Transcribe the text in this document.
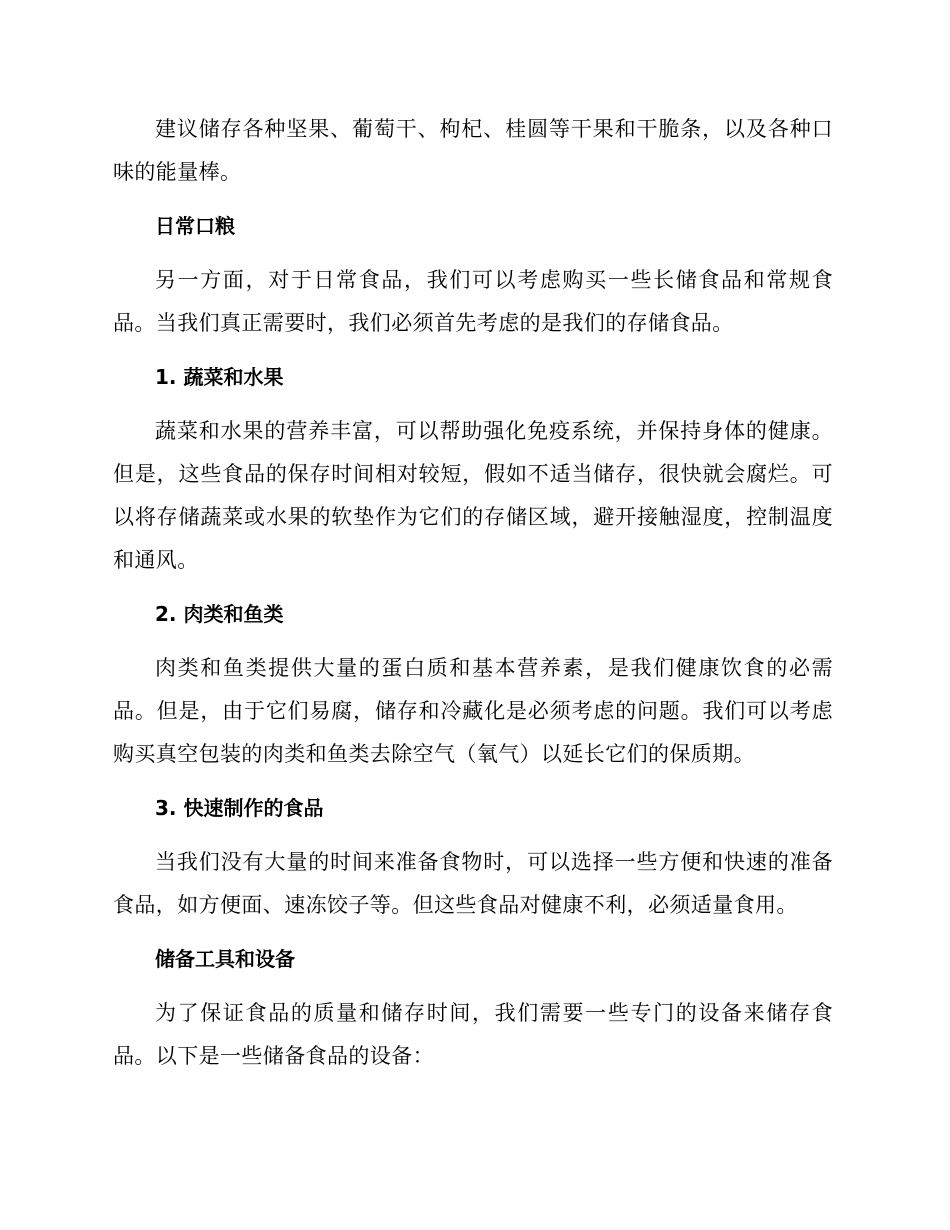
建议储存各种坚果、葡萄干、枸杞、桂圆等干果和干脆条，以及各种口味的能量棒。

日常口粮

另一方面，对于日常食品，我们可以考虑购买一些长储食品和常规食品。当我们真正需要时，我们必须首先考虑的是我们的存储食品。

1. 蔬菜和水果

蔬菜和水果的营养丰富，可以帮助强化免疫系统，并保持身体的健康。但是，这些食品的保存时间相对较短，假如不适当储存，很快就会腐烂。可以将存储蔬菜或水果的软垫作为它们的存储区域，避开接触湿度，控制温度和通风。

2. 肉类和鱼类

肉类和鱼类提供大量的蛋白质和基本营养素，是我们健康饮食的必需品。但是，由于它们易腐，储存和冷藏化是必须考虑的问题。我们可以考虑购买真空包装的肉类和鱼类去除空气（氧气）以延长它们的保质期。

3. 快速制作的食品

当我们没有大量的时间来准备食物时，可以选择一些方便和快速的准备食品，如方便面、速冻饺子等。但这些食品对健康不利，必须适量食用。

储备工具和设备

为了保证食品的质量和储存时间，我们需要一些专门的设备来储存食品。以下是一些储备食品的设备：
